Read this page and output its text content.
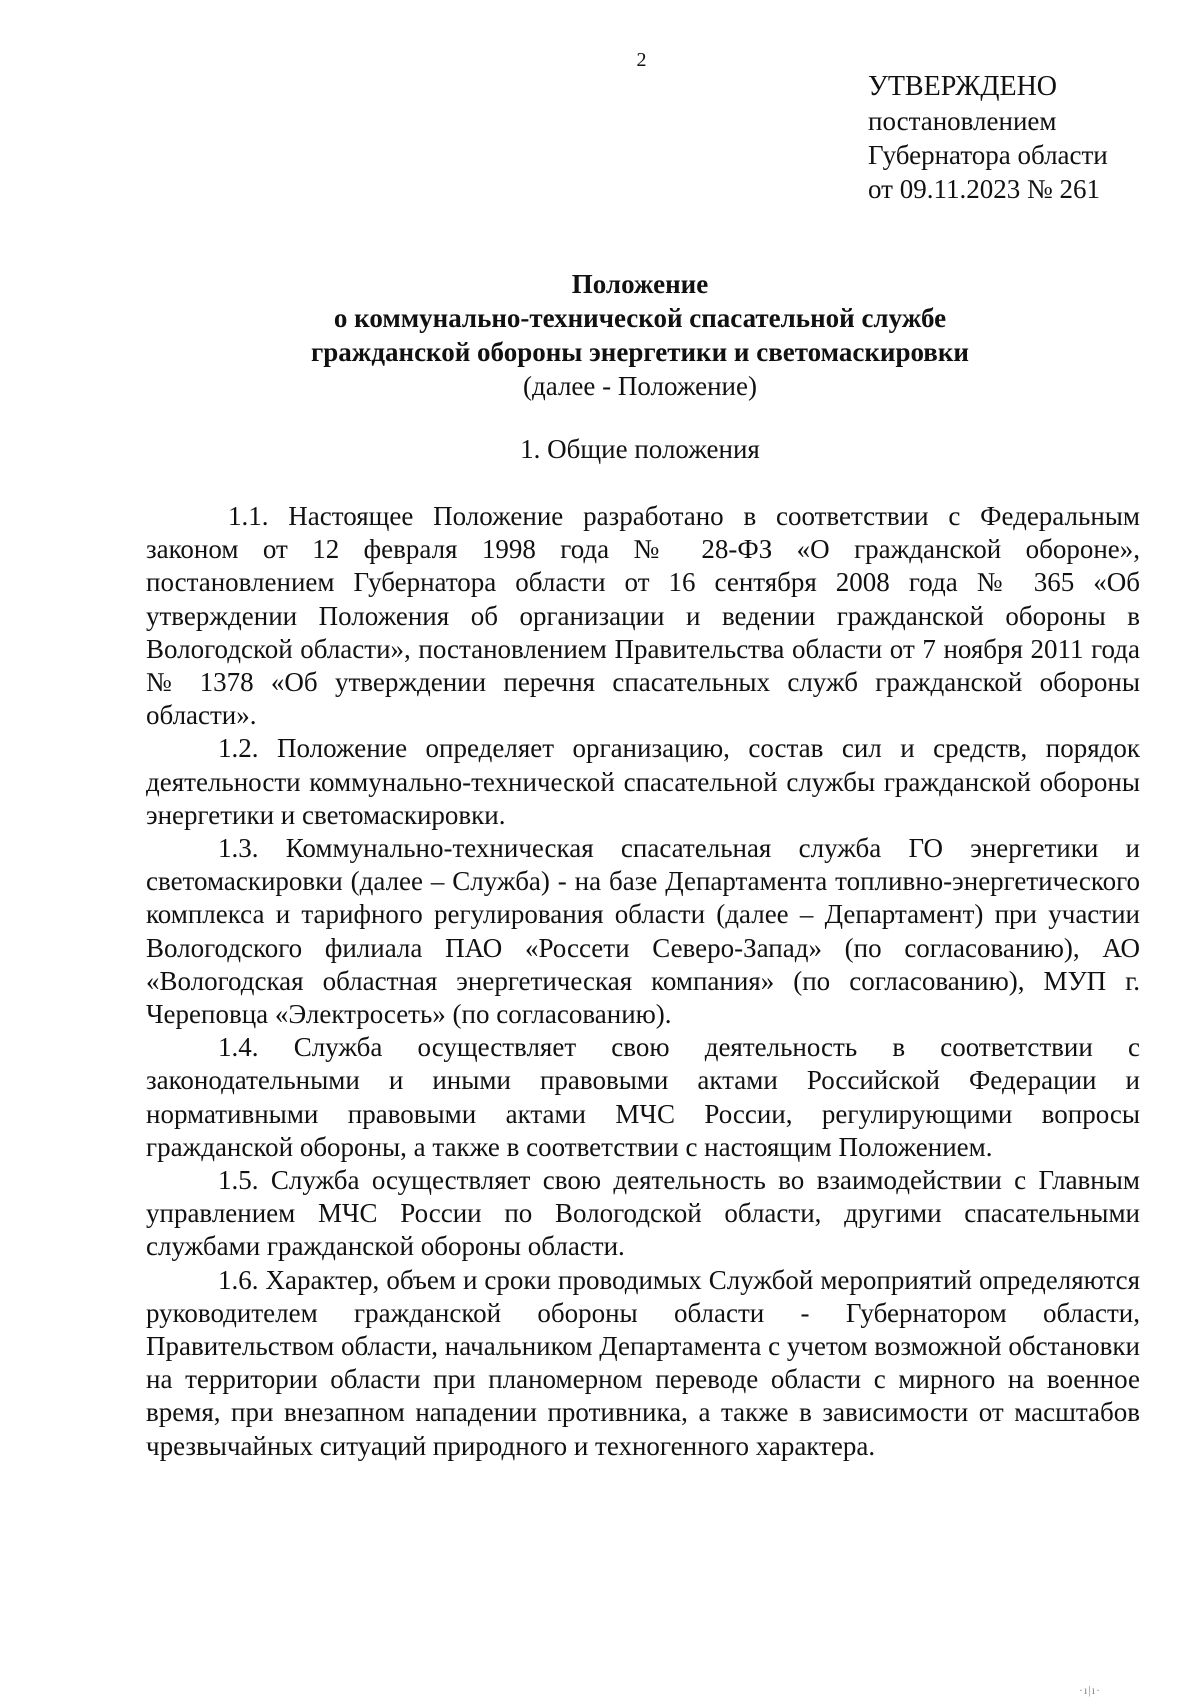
2
УТВЕРЖДЕНО
постановлением
Губернатора области
от 09.11.2023 № 261
Положение
о коммунально-технической спасательной службе
гражданской обороны энергетики и светомаскировки
(далее - Положение)
1. Общие положения

1.1. Настоящее Положение разработано в соответствии с Федеральным законом от 12 февраля 1998 года № 28-ФЗ «О гражданской обороне», постановлением Губернатора области от 16 сентября 2008 года № 365 «Об утверждении Положения об организации и ведении гражданской обороны в Вологодской области», постановлением Правительства области от 7 ноября 2011 года № 1378 «Об утверждении перечня спасательных служб гражданской обороны области».

1.2. Положение определяет организацию, состав сил и средств, порядок деятельности коммунально-технической спасательной службы гражданской обороны энергетики и светомаскировки.

1.3. Коммунально-техническая спасательная служба ГО энергетики и светомаскировки (далее – Служба) - на базе Департамента топливно-энергетического комплекса и тарифного регулирования области (далее – Департамент) при участии Вологодского филиала ПАО «Россети Северо-Запад» (по согласованию), АО «Вологодская областная энергетическая компания» (по согласованию), МУП г. Череповца «Электросеть» (по согласованию).

1.4. Служба осуществляет свою деятельность в соответствии с законодательными и иными правовыми актами Российской Федерации и нормативными правовыми актами МЧС России, регулирующими вопросы гражданской обороны, а также в соответствии с настоящим Положением.

1.5. Служба осуществляет свою деятельность во взаимодействии с Главным управлением МЧС России по Вологодской области, другими спасательными службами гражданской обороны области.

1.6. Характер, объем и сроки проводимых Службой мероприятий определяются руководителем гражданской обороны области - Губернатором области, Правительством области, начальником Департамента с учетом возможной обстановки на территории области при планомерном переводе области с мирного на военное время, при внезапном нападении противника, а также в зависимости от масштабов чрезвычайных ситуаций природного и техногенного характера.

·ı|ı·
